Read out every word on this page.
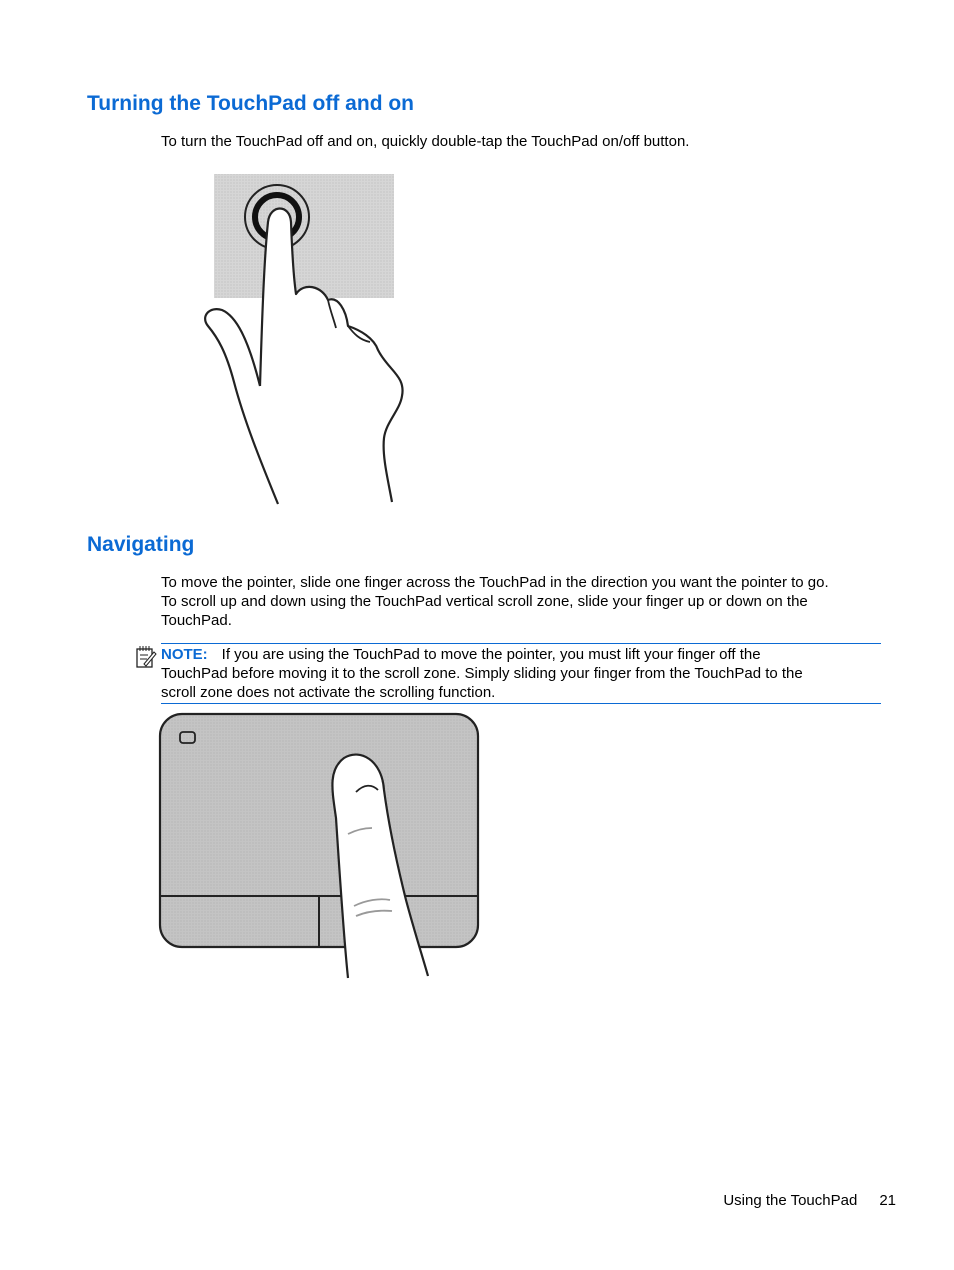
Turning the TouchPad off and on

To turn the TouchPad off and on, quickly double-tap the TouchPad on/off button.

Navigating

To move the pointer, slide one finger across the TouchPad in the direction you want the pointer to go.

To scroll up and down using the TouchPad vertical scroll zone, slide your finger up or down on the

TouchPad.

NOTE: If you are using the TouchPad to move the pointer, you must lift your finger off the
TouchPad before moving it to the scroll zone. Simply sliding your finger from the TouchPad to the
scroll zone does not activate the scrolling function.
Using the TouchPad 21
